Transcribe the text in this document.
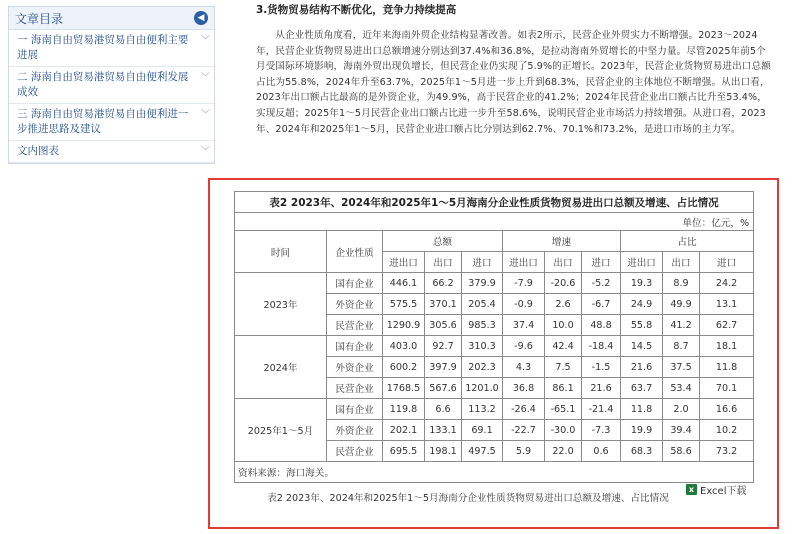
文章目录	◀
一 海南自由贸易港贸易自由便利主要进展
﹀
二 海南自由贸易港贸易自由便利发展成效
﹀
三 海南自由贸易港贸易自由便利进一步推进思路及建议
﹀
文内图表	﹀
3.货物贸易结构不断优化，竞争力持续提高
从企业性质角度看，近年来海南外贸企业结构显著改善。如表2所示，民营企业外贸实力不断增强。2023～2024年，民营企业货物贸易进出口总额增速分别达到37.4%和36.8%，是拉动海南外贸增长的中坚力量。尽管2025年前5个月受国际环境影响，海南外贸出现负增长，但民营企业仍实现了5.9%的正增长。2023年，民营企业货物贸易进出口总额占比为55.8%，2024年升至63.7%，2025年1～5月进一步上升到68.3%，民营企业的主体地位不断增强。从出口看，2023年出口额占比最高的是外资企业，为49.9%，高于民营企业的41.2%；2024年民营企业出口额占比升至53.4%，实现反超；2025年1～5月民营企业出口额占比进一步升至58.6%，说明民营企业市场活力持续增强。从进口看，2023年、2024年和2025年1～5月，民营企业进口额占比分别达到62.7%、70.1%和73.2%，是进口市场的主力军。
表2 2023年、2024年和2025年1～5月海南分企业性质货物贸易进出口总额及增速、占比情况										
单位：亿元，%										
时间	企业性质	总额			增速			占比		
		进出口	出口	进口	进出口	出口	进口	进出口	出口	进口
2023年	国有企业	446.1	66.2	379.9	-7.9	-20.6	-5.2	19.3	8.9	24.2
	外资企业	575.5	370.1	205.4	-0.9	2.6	-6.7	24.9	49.9	13.1
	民营企业	1290.9	305.6	985.3	37.4	10.0	48.8	55.8	41.2	62.7
2024年	国有企业	403.0	92.7	310.3	-9.6	42.4	-18.4	14.5	8.7	18.1
	外资企业	600.2	397.9	202.3	4.3	7.5	-1.5	21.6	37.5	11.8
	民营企业	1768.5	567.6	1201.0	36.8	86.1	21.6	63.7	53.4	70.1
2025年1～5月	国有企业	119.8	6.6	113.2	-26.4	-65.1	-21.4	11.8	2.0	16.6
	外资企业	202.1	133.1	69.1	-22.7	-30.0	-7.3	19.9	39.4	10.2
	民营企业	695.5	198.1	497.5	5.9	22.0	0.6	68.3	58.6	73.2
资料来源：海口海关。										
x Excel下载
表2 2023年、2024年和2025年1～5月海南分企业性质货物贸易进出口总额及增速、占比情况
